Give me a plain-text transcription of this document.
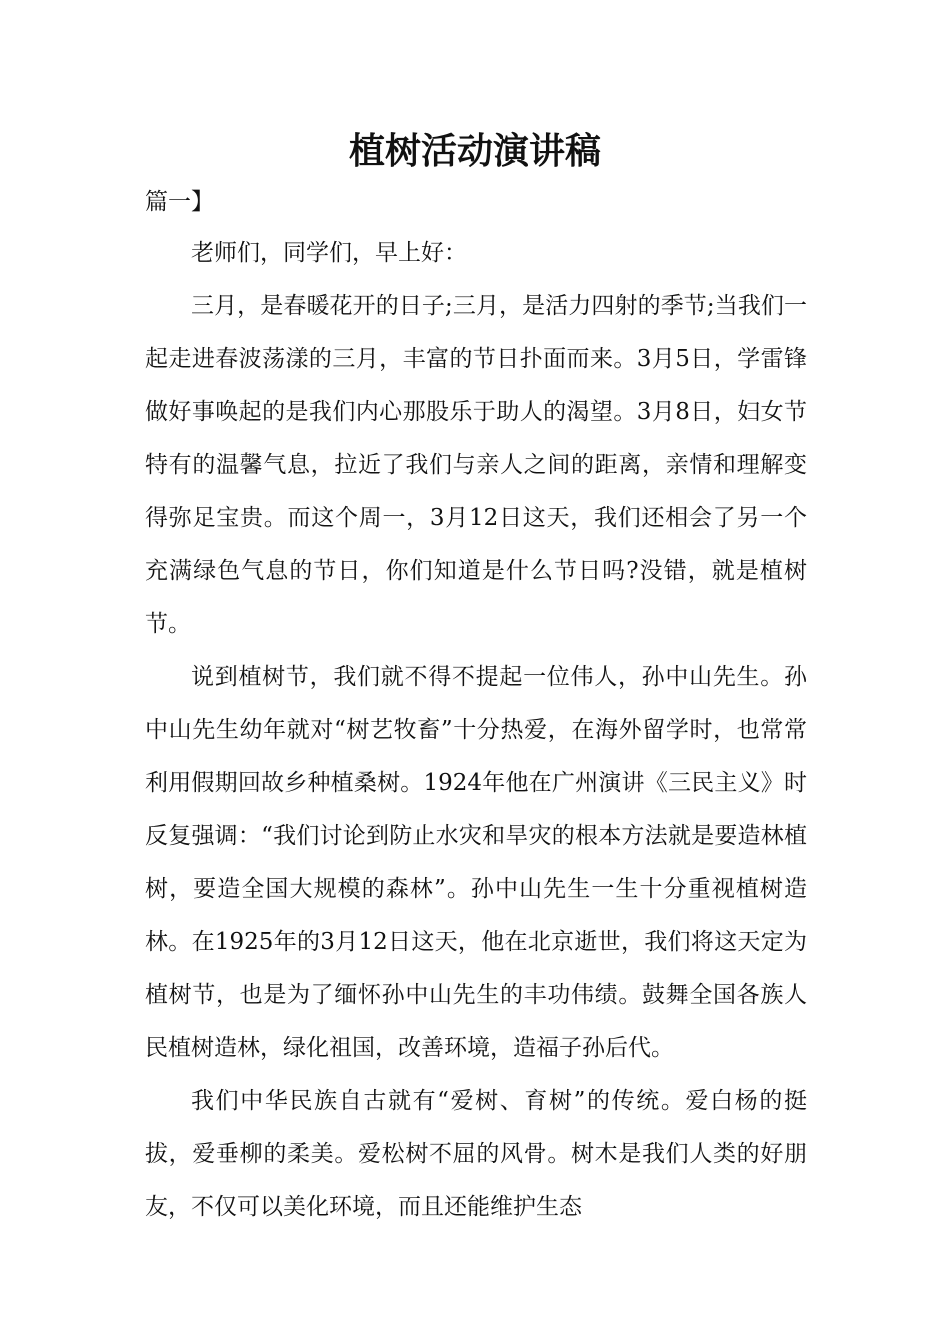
植树活动演讲稿
篇一】

老师们，同学们，早上好：

三月，是春暖花开的日子;三月，是活力四射的季节;当我们一起走进春波荡漾的三月，丰富的节日扑面而来。3月5日，学雷锋做好事唤起的是我们内心那股乐于助人的渴望。3月8日，妇女节特有的温馨气息，拉近了我们与亲人之间的距离，亲情和理解变得弥足宝贵。而这个周一，3月12日这天，我们还相会了另一个充满绿色气息的节日，你们知道是什么节日吗?没错，就是植树节。

说到植树节，我们就不得不提起一位伟人，孙中山先生。孙中山先生幼年就对“树艺牧畜”十分热爱，在海外留学时，也常常利用假期回故乡种植桑树。1924年他在广州演讲《三民主义》时反复强调：“我们讨论到防止水灾和旱灾的根本方法就是要造林植树，要造全国大规模的森林”。孙中山先生一生十分重视植树造林。在1925年的3月12日这天，他在北京逝世，我们将这天定为植树节，也是为了缅怀孙中山先生的丰功伟绩。鼓舞全国各族人民植树造林，绿化祖国，改善环境，造福子孙后代。

我们中华民族自古就有“爱树、育树”的传统。爱白杨的挺拔，爱垂柳的柔美。爱松树不屈的风骨。树木是我们人类的好朋友，不仅可以美化环境，而且还能维护生态
